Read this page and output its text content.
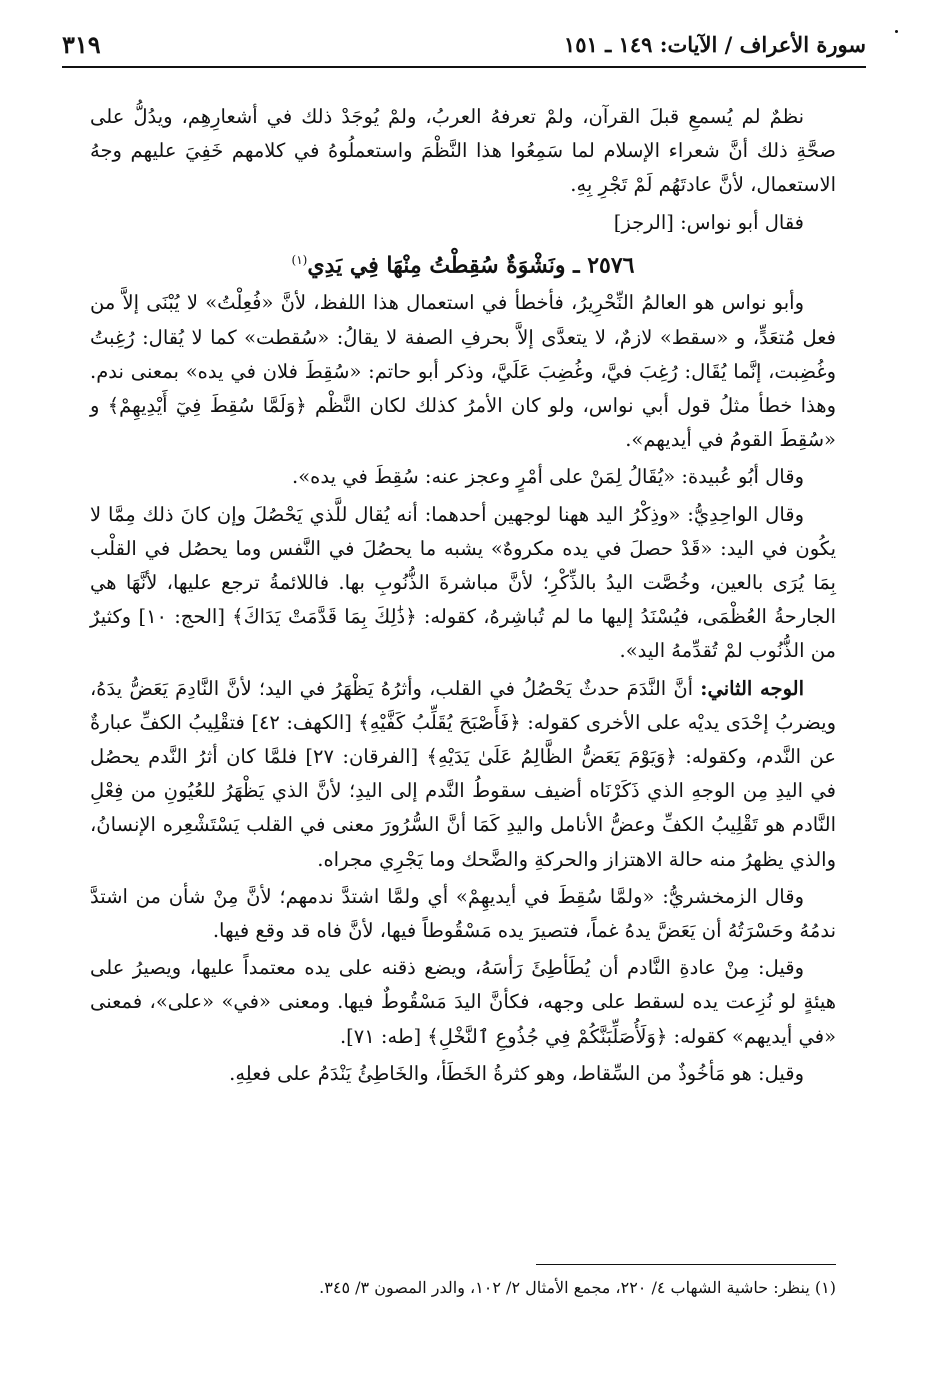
سورة الأعراف / الآيات: ١٤٩ ـ ١٥١
٣١٩

نظمٌ لم يُسمعِ قبلَ القرآن، ولمْ تعرفهُ العربُ، ولمْ يُوجَدْ ذلك في أشعارِهِم، ويدُلُّ على صحَّةِ ذلك أنَّ شعراء الإسلام لما سَمِعُوا هذا النَّظْمَ واستعملُوهُ في كلامهم خَفِيَ عليهم وجهُ الاستعمال، لأنَّ عادتَهُم لَمْ تَجْرِ بِهِ.

فقال أبو نواس: [الرجز]

٢٥٧٦ ـ ونَشْوَةٌ سُقِطْتُ مِنْهَا فِي يَدِي$^{(١)}$

وأبو نواس هو العالمُ النِّحْرِيرُ، فأخطأ في استعمال هذا اللفظ، لأنَّ «فُعِلْتُ» لا يُبْنَى إلاَّ من فعل مُتعَدٍّ، و «سقط» لازمٌ، لا يتعدَّى إلاَّ بحرفِ الصفة لا يقالُ: «سُقطت» كما لا يُقال: رُغِبتُ وغُضِبت، إنَّما يُقَال: رُغِبَ فيَّ، وغُضِبَ عَلَيَّ، وذكر أبو حاتم: «سُقِطَ فلان في يده» بمعنى ندم. وهذا خطأ مثلُ قول أبي نواس، ولو كان الأمرُ كذلك لكان النَّظْم ﴿وَلَمَّا سُقِطَ فِيٓ أَيْدِيهِمْ﴾ و «سُقِطَ القومُ في أيديهم».

وقال أبُو عُبيدة: «يُقَالُ لِمَنْ على أمْرٍ وعجز عنه: سُقِطَ في يده».

وقال الواحِدِيُّ: «وذِكْرُ اليد ههنا لوجهين أحدهما: أنه يُقال للَّذي يَحْصُلَ وإن كانَ ذلك مِمَّا لا يكُون في اليد: «قَدْ حصلَ في يده مكروهٌ» يشبه ما يحصُلَ في النَّفس وما يحصُل في القلْب بِمَا يُرَى بالعين، وخُصَّت اليدُ بالذِّكْرِ؛ لأنَّ مباشرةَ الذُّنُوبِ بها. فاللائمةُ ترجع عليها، لأنَّهَا هي الجارحةُ العُظْمَى، فيُسْنَدُ إليها ما لم تُباشِرهُ، كقوله: ﴿ذَٰلِكَ بِمَا قَدَّمَتْ يَدَاكَ﴾ [الحج: ١٠] وكثيرٌ من الذُّنُوب لمْ تُقدِّمهُ اليد».

الوجه الثاني: أنَّ النَّدَمَ حدثٌ يَحْصُلُ في القلب، وأثرُهُ يَظْهَرُ في اليد؛ لأنَّ النَّادِمَ يَعَضُّ يدَهُ، ويضربُ إحْدَى يديْه على الأخرى كقوله: ﴿فَأَصْبَحَ يُقَلِّبُ كَفَّيْهِ﴾ [الكهف: ٤٢] فتقْلِيبُ الكفِّ عبارةٌ عن النَّدم، وكقوله: ﴿وَيَوْمَ يَعَضُّ الظَّالِمُ عَلَىٰ يَدَيْهِ﴾ [الفرقان: ٢٧] فلمَّا كان أثرُ النَّدم يحصُل في اليدِ مِن الوجهِ الذي ذَكَرْنَاه أضيف سقوطُ النَّدم إلى اليدِ؛ لأنَّ الذي يَظْهَرُ للعُيُونِ من فِعْلِ النَّادم هو تَقْلِيبُ الكفِّ وعضُّ الأنامل واليدِ كَمَا أنَّ السُّرُورَ معنى في القلب يَسْتَشْعِره الإنسانُ، والذي يظهرُ منه حالة الاهتزاز والحركةِ والضَّحك وما يَجْرِي مجراه.

وقال الزمخشريُّ: «ولمَّا سُقِطَ في أيديهِمْ» أي ولمَّا اشتدَّ ندمهم؛ لأنَّ مِنْ شأن من اشتدَّ ندمُهُ وحَسْرَتُهُ أن يَعَضَّ يدهُ غماً، فتصيرَ يده مَسْقُوطاً فيها، لأنَّ فاه قد وقع فيها.

وقيل: مِنْ عادةِ النَّادم أن يُطَأطِئَ رَأسَهُ، ويضع ذقنه على يده معتمداً عليها، ويصيرُ على هيئةٍ لو نُزِعت يده لسقط على وجهه، فكأنَّ اليدَ مَسْقُوطٌ فيها. ومعنى «في» «على»، فمعنى «في أيديهم» كقوله: ﴿وَلَأُصَلِّبَنَّكُمْ فِي جُذُوعِ ٱلنَّخْلِ﴾ [طه: ٧١].

وقيل: هو مَأخُوذٌ من السِّقاط، وهو كثرةُ الخَطَأ، والخَاطِئُ يَنْدَمُ على فعلِهِ.

(١) ينظر: حاشية الشهاب ٤/ ٢٢٠، مجمع الأمثال ٢/ ١٠٢، والدر المصون ٣/ ٣٤٥.
